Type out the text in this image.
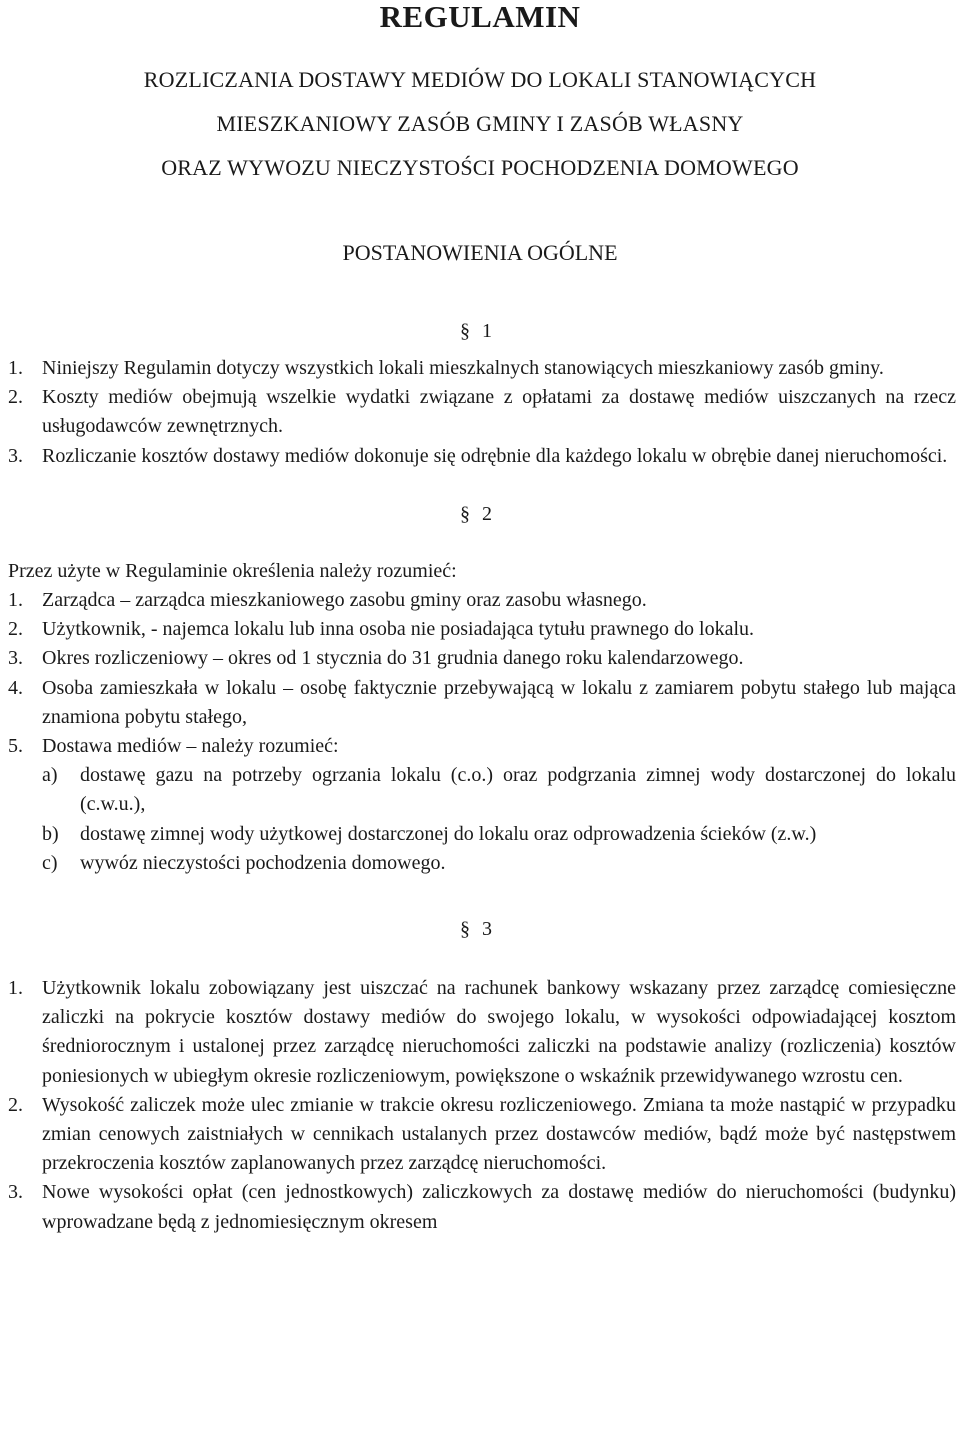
REGULAMIN

ROZLICZANIA DOSTAWY MEDIÓW DO LOKALI STANOWIĄCYCH

MIESZKANIOWY ZASÓB GMINY I ZASÓB WŁASNY

ORAZ WYWOZU NIECZYSTOŚCI POCHODZENIA DOMOWEGO

POSTANOWIENIA OGÓLNE

§ 1

1. Niniejszy Regulamin dotyczy wszystkich lokali mieszkalnych stanowiących mieszkaniowy zasób gminy.
2. Koszty mediów obejmują wszelkie wydatki związane z opłatami za dostawę mediów uiszczanych na rzecz usługodawców zewnętrznych.
3. Rozliczanie kosztów dostawy mediów dokonuje się odrębnie dla każdego lokalu w obrębie danej nieruchomości.

§ 2

Przez użyte w Regulaminie określenia należy rozumieć:

1. Zarządca – zarządca mieszkaniowego zasobu gminy oraz zasobu własnego.
2. Użytkownik, - najemca lokalu lub inna osoba nie posiadająca tytułu prawnego do lokalu.
3. Okres rozliczeniowy – okres od 1 stycznia do 31 grudnia danego roku kalendarzowego.
4. Osoba zamieszkała w lokalu – osobę faktycznie przebywającą w lokalu z zamiarem pobytu stałego lub mająca znamiona pobytu stałego,
5. Dostawa mediów – należy rozumieć:
a)	dostawę gazu na potrzeby ogrzania lokalu (c.o.) oraz podgrzania zimnej wody dostarczonej do lokalu (c.w.u.),
b)	dostawę zimnej wody użytkowej dostarczonej do lokalu oraz odprowadzenia ścieków (z.w.)
c)	wywóz nieczystości pochodzenia domowego.

§ 3

1. Użytkownik lokalu zobowiązany jest uiszczać na rachunek bankowy wskazany przez zarządcę comiesięczne zaliczki na pokrycie kosztów dostawy mediów do swojego lokalu, w wysokości odpowiadającej kosztom średniorocznym i ustalonej przez zarządcę nieruchomości zaliczki na podstawie analizy (rozliczenia) kosztów poniesionych w ubiegłym okresie rozliczeniowym, powiększone o wskaźnik przewidywanego wzrostu cen.
2. Wysokość zaliczek może ulec zmianie w trakcie okresu rozliczeniowego. Zmiana ta może nastąpić w przypadku zmian cenowych zaistniałych w cennikach ustalanych przez dostawców mediów, bądź może być następstwem przekroczenia kosztów zaplanowanych przez zarządcę nieruchomości.
3. Nowe wysokości opłat (cen jednostkowych) zaliczkowych za dostawę mediów do nieruchomości (budynku) wprowadzane będą z jednomiesięcznym okresem
